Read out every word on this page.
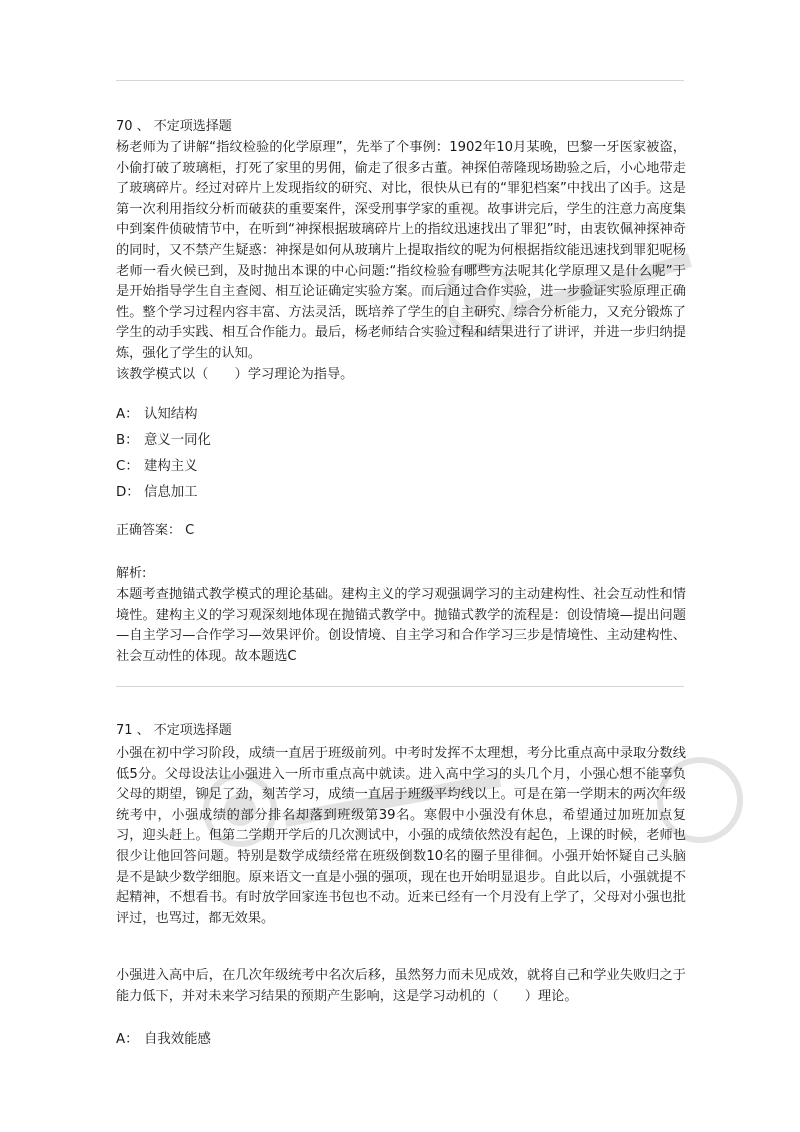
70 、 不定项选择题

杨老师为了讲解“指纹检验的化学原理”，先举了个事例：1902年10月某晚，巴黎一牙医家被盗，小偷打破了玻璃柜，打死了家里的男佣，偷走了很多古董。神探伯蒂隆现场勘验之后，小心地带走了玻璃碎片。经过对碎片上发现指纹的研究、对比，很快从已有的“罪犯档案”中找出了凶手。这是第一次利用指纹分析而破获的重要案件，深受刑事学家的重视。故事讲完后，学生的注意力高度集中到案件侦破情节中，在听到“神探根据玻璃碎片上的指纹迅速找出了罪犯”时，由衷钦佩神探神奇的同时，又不禁产生疑惑：神探是如何从玻璃片上提取指纹的呢为何根据指纹能迅速找到罪犯呢杨老师一看火候已到，及时抛出本课的中心问题:“指纹检验有哪些方法呢其化学原理又是什么呢”于是开始指导学生自主查阅、相互论证确定实验方案。而后通过合作实验，进一步验证实验原理正确性。整个学习过程内容丰富、方法灵活，既培养了学生的自主研究、综合分析能力，又充分锻炼了学生的动手实践、相互合作能力。最后，杨老师结合实验过程和结果进行了讲评，并进一步归纳提炼，强化了学生的认知。

该教学模式以（　　）学习理论为指导。

A： 认知结构
B： 意义一同化
C： 建构主义
D： 信息加工
正确答案： C
解析:

本题考查抛锚式教学模式的理论基础。建构主义的学习观强调学习的主动建构性、社会互动性和情境性。建构主义的学习观深刻地体现在抛锚式教学中。抛锚式教学的流程是：创设情境—提出问题—自主学习—合作学习—效果评价。创设情境、自主学习和合作学习三步是情境性、主动建构性、社会互动性的体现。故本题选C

71 、 不定项选择题

小强在初中学习阶段，成绩一直居于班级前列。中考时发挥不太理想，考分比重点高中录取分数线低5分。父母设法让小强进入一所市重点高中就读。进入高中学习的头几个月，小强心想不能辜负父母的期望，铆足了劲，刻苦学习，成绩一直居于班级平均线以上。可是在第一学期末的两次年级统考中，小强成绩的部分排名却落到班级第39名。寒假中小强没有休息，希望通过加班加点复习，迎头赶上。但第二学期开学后的几次测试中，小强的成绩依然没有起色，上课的时候，老师也很少让他回答问题。特别是数学成绩经常在班级倒数10名的圈子里徘徊。小强开始怀疑自己头脑是不是缺少数学细胞。原来语文一直是小强的强项，现在也开始明显退步。自此以后，小强就提不起精神，不想看书。有时放学回家连书包也不动。近来已经有一个月没有上学了，父母对小强也批评过，也骂过，都无效果。

小强进入高中后，在几次年级统考中名次后移，虽然努力而未见成效，就将自己和学业失败归之于能力低下，并对未来学习结果的预期产生影响，这是学习动机的（　　）理论。

A： 自我效能感
